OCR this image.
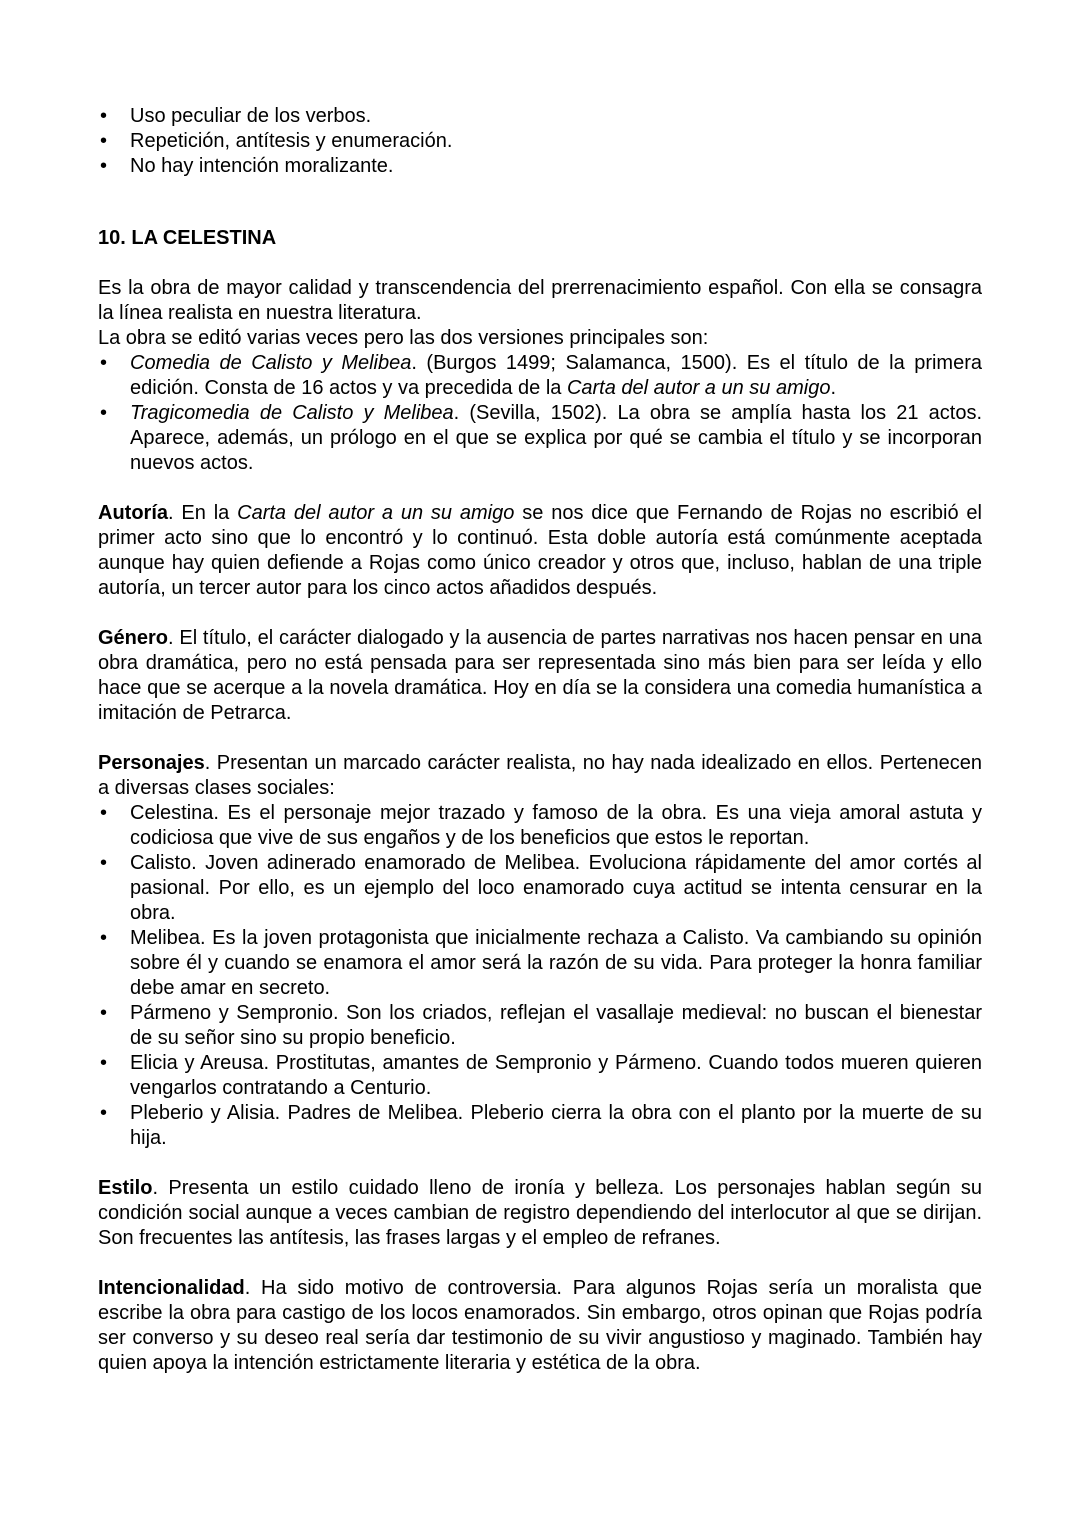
• Uso peculiar de los verbos.
• Repetición, antítesis y enumeración.
• No hay intención moralizante.

10. LA CELESTINA

Es la obra de mayor calidad y transcendencia del prerrenacimiento español. Con ella se consagra la línea realista en nuestra literatura.

La obra se editó varias veces pero las dos versiones principales son:

• Comedia de Calisto y Melibea. (Burgos 1499; Salamanca, 1500). Es el título de la primera edición. Consta de 16 actos y va precedida de la Carta del autor a un su amigo.
• Tragicomedia de Calisto y Melibea. (Sevilla, 1502). La obra se amplía hasta los 21 actos. Aparece, además, un prólogo en el que se explica por qué se cambia el título y se incorporan nuevos actos.

Autoría. En la Carta del autor a un su amigo se nos dice que Fernando de Rojas no escribió el primer acto sino que lo encontró y lo continuó. Esta doble autoría está comúnmente aceptada aunque hay quien defiende a Rojas como único creador y otros que, incluso, hablan de una triple autoría, un tercer autor para los cinco actos añadidos después.

Género. El título, el carácter dialogado y la ausencia de partes narrativas nos hacen pensar en una obra dramática, pero no está pensada para ser representada sino más bien para ser leída y ello hace que se acerque a la novela dramática. Hoy en día se la considera una comedia humanística a imitación de Petrarca.

Personajes. Presentan un marcado carácter realista, no hay nada idealizado en ellos. Pertenecen a diversas clases sociales:

• Celestina. Es el personaje mejor trazado y famoso de la obra. Es una vieja amoral astuta y codiciosa que vive de sus engaños y de los beneficios que estos le reportan.
• Calisto. Joven adinerado enamorado de Melibea. Evoluciona rápidamente del amor cortés al pasional. Por ello, es un ejemplo del loco enamorado cuya actitud se intenta censurar en la obra.
• Melibea. Es la joven protagonista que inicialmente rechaza a Calisto. Va cambiando su opinión sobre él y cuando se enamora el amor será la razón de su vida. Para proteger la honra familiar debe amar en secreto.
• Pármeno y Sempronio. Son los criados, reflejan el vasallaje medieval: no buscan el bienestar de su señor sino su propio beneficio.
• Elicia y Areusa. Prostitutas, amantes de Sempronio y Pármeno. Cuando todos mueren quieren vengarlos contratando a Centurio.
• Pleberio y Alisia. Padres de Melibea. Pleberio cierra la obra con el planto por la muerte de su hija.

Estilo. Presenta un estilo cuidado lleno de ironía y belleza. Los personajes hablan según su condición social aunque a veces cambian de registro dependiendo del interlocutor al que se dirijan. Son frecuentes las antítesis, las frases largas y el empleo de refranes.

Intencionalidad. Ha sido motivo de controversia. Para algunos Rojas sería un moralista que escribe la obra para castigo de los locos enamorados. Sin embargo, otros opinan que Rojas podría ser converso y su deseo real sería dar testimonio de su vivir angustioso y maginado. También hay quien apoya la intención estrictamente literaria y estética de la obra.
